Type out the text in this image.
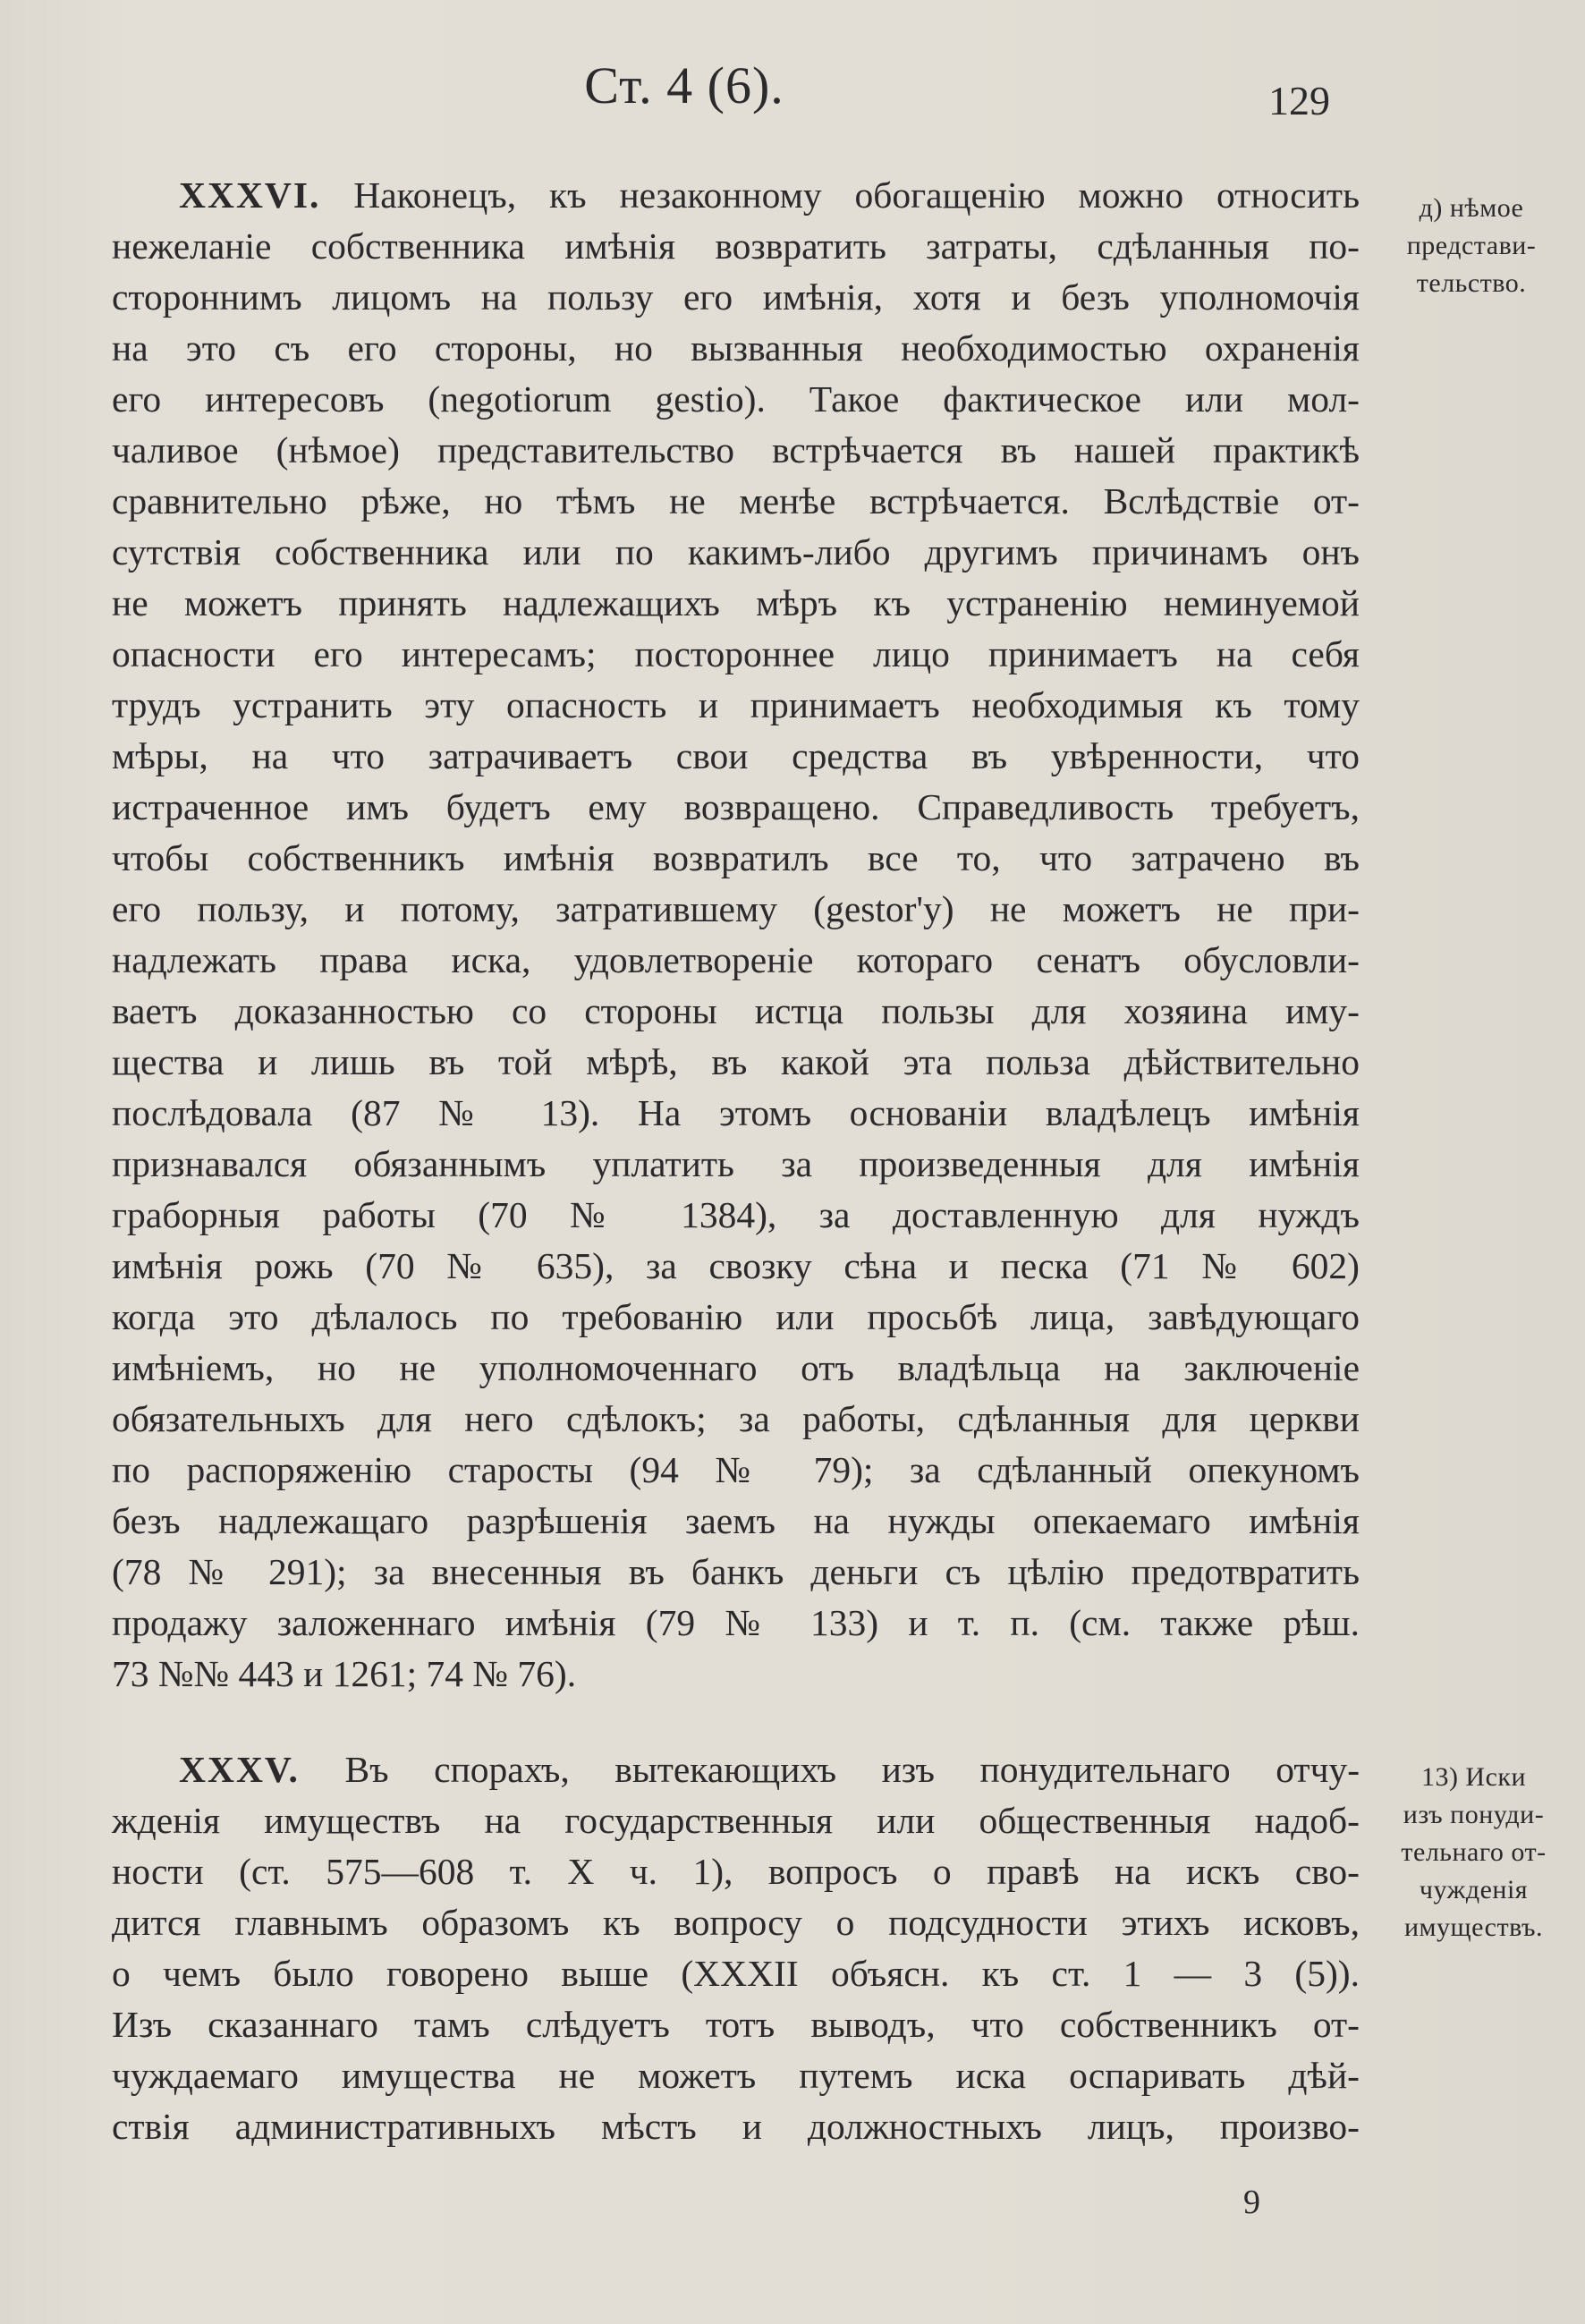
Ст. 4 (6).	129
XXXVI. Наконецъ, къ незаконному обогащенію можно относить
нежеланіе собственника имѣнія возвратить затраты, сдѣланныя по-
стороннимъ лицомъ на пользу его имѣнія, хотя и безъ уполномочія
на это съ его стороны, но вызванныя необходимостью охраненія
его интересовъ (negotiorum gestio). Такое фактическое или мол-
чаливое (нѣмое) представительство встрѣчается въ нашей практикѣ
сравнительно рѣже, но тѣмъ не менѣе встрѣчается. Вслѣдствіе от-
сутствія собственника или по какимъ-либо другимъ причинамъ онъ
не можетъ принять надлежащихъ мѣръ къ устраненію неминуемой
опасности его интересамъ; постороннее лицо принимаетъ на себя
трудъ устранить эту опасность и принимаетъ необходимыя къ тому
мѣры, на что затрачиваетъ свои средства въ увѣренности, что
истраченное имъ будетъ ему возвращено. Справедливость требуетъ,
чтобы собственникъ имѣнія возвратилъ все то, что затрачено въ
его пользу, и потому, затратившему (gestor'у) не можетъ не при-
надлежать права иска, удовлетвореніе котораго сенатъ обусловли-
ваетъ доказанностью со стороны истца пользы для хозяина иму-
щества и лишь въ той мѣрѣ, въ какой эта польза дѣйствительно
послѣдовала (87 № 13). На этомъ основаніи владѣлецъ имѣнія
признавался обязаннымъ уплатить за произведенныя для имѣнія
граборныя работы (70 № 1384), за доставленную для нуждъ
имѣнія рожь (70 № 635), за свозку сѣна и песка (71 № 602)
когда это дѣлалось по требованію или просьбѣ лица, завѣдующаго
имѣніемъ, но не уполномоченнаго отъ владѣльца на заключеніе
обязательныхъ для него сдѣлокъ; за работы, сдѣланныя для церкви
по распоряженію старосты (94 № 79); за сдѣланный опекуномъ
безъ надлежащаго разрѣшенія заемъ на нужды опекаемаго имѣнія
(78 № 291); за внесенныя въ банкъ деньги съ цѣлію предотвратить
продажу заложеннаго имѣнія (79 № 133) и т. п. (см. также рѣш.
73 №№ 443 и 1261; 74 № 76).
д) нѣмое
представи-
тельство.
XXXV. Въ спорахъ, вытекающихъ изъ понудительнаго отчу-
жденія имуществъ на государственныя или общественныя надоб-
ности (ст. 575—608 т. X ч. 1), вопросъ о правѣ на искъ сво-
дится главнымъ образомъ къ вопросу о подсудности этихъ исковъ,
о чемъ было говорено выше (XXXII объясн. къ ст. 1 — 3 (5)).
Изъ сказаннаго тамъ слѣдуетъ тотъ выводъ, что собственникъ от-
чуждаемаго имущества не можетъ путемъ иска оспаривать дѣй-
ствія административныхъ мѣстъ и должностныхъ лицъ, произво-
13) Иски
изъ понуди-
тельнаго от-
чужденія
имуществъ.
9
